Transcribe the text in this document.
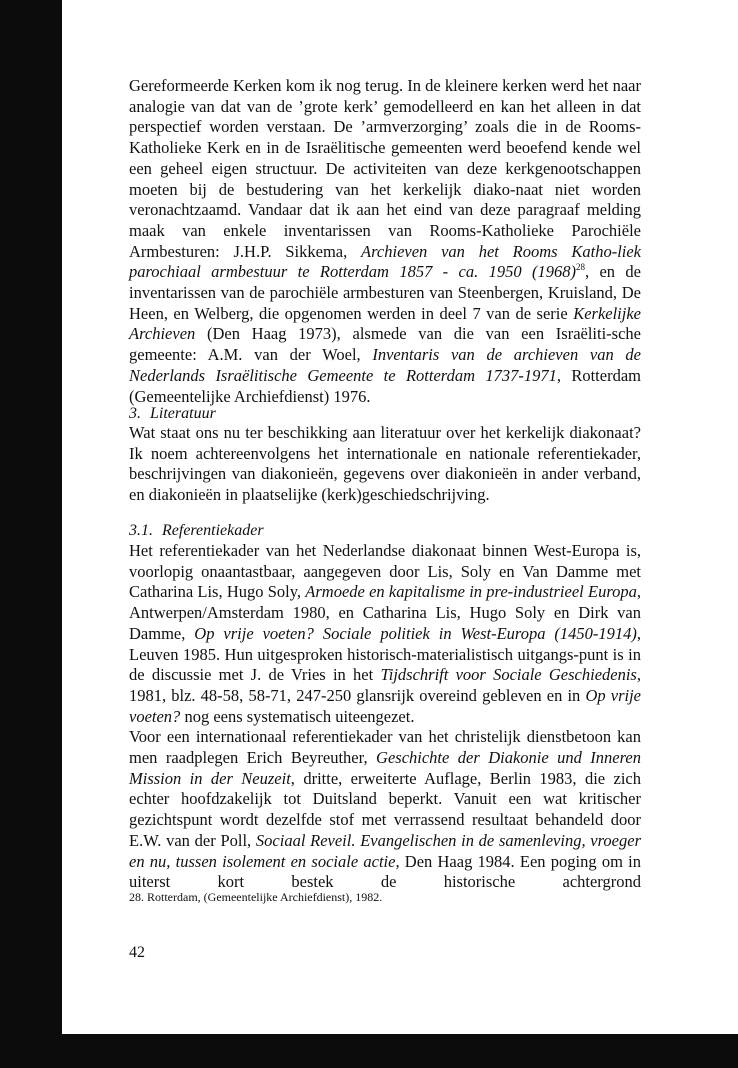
Gereformeerde Kerken kom ik nog terug. In de kleinere kerken werd het naar analogie van dat van de ’grote kerk’ gemodelleerd en kan het alleen in dat perspectief worden verstaan. De ’armverzorging’ zoals die in de Rooms-Katholieke Kerk en in de Israëlitische gemeenten werd beoefend kende wel een geheel eigen structuur. De activiteiten van deze kerkgenootschappen moeten bij de bestudering van het kerkelijk diako-naat niet worden veronachtzaamd. Vandaar dat ik aan het eind van deze paragraaf melding maak van enkele inventarissen van Rooms-Katholieke Parochiële Armbesturen: J.H.P. Sikkema, Archieven van het Rooms Katho-liek parochiaal armbestuur te Rotterdam 1857 - ca. 1950 $(1968)^{28}$, en de inventarissen van de parochiële armbesturen van Steenbergen, Kruisland, De Heen, en Welberg, die opgenomen werden in deel 7 van de serie Kerkelijke Archieven (Den Haag 1973), alsmede van die van een Israëliti-sche gemeente: A.M. van der Woel, Inventaris van de archieven van de Nederlands Israëlitische Gemeente te Rotterdam 1737-1971, Rotterdam (Gemeentelijke Archiefdienst) 1976.

3. Literatuur

Wat staat ons nu ter beschikking aan literatuur over het kerkelijk diakonaat? Ik noem achtereenvolgens het internationale en nationale referentiekader, beschrijvingen van diakonieën, gegevens over diakonieën in ander verband, en diakonieën in plaatselijke (kerk)geschiedschrijving.

3.1. Referentiekader

Het referentiekader van het Nederlandse diakonaat binnen West-Europa is, voorlopig onaantastbaar, aangegeven door Lis, Soly en Van Damme met Catharina Lis, Hugo Soly, Armoede en kapitalisme in pre-industrieel Europa, Antwerpen/Amsterdam 1980, en Catharina Lis, Hugo Soly en Dirk van Damme, Op vrije voeten? Sociale politiek in West-Europa (1450-1914), Leuven 1985. Hun uitgesproken historisch-materialistisch uitgangs-punt is in de discussie met J. de Vries in het Tijdschrift voor Sociale Geschiedenis, 1981, blz. 48-58, 58-71, 247-250 glansrijk overeind gebleven en in Op vrije voeten? nog eens systematisch uiteengezet.

Voor een internationaal referentiekader van het christelijk dienstbetoon kan men raadplegen Erich Beyreuther, Geschichte der Diakonie und Inneren Mission in der Neuzeit, dritte, erweiterte Auflage, Berlin 1983, die zich echter hoofdzakelijk tot Duitsland beperkt. Vanuit een wat kritischer gezichtspunt wordt dezelfde stof met verrassend resultaat behandeld door E.W. van der Poll, Sociaal Reveil. Evangelischen in de samenleving, vroeger en nu, tussen isolement en sociale actie, Den Haag 1984. Een poging om in uiterst kort bestek de historische achtergrond

28. Rotterdam, (Gemeentelijke Archiefdienst), 1982.
42
